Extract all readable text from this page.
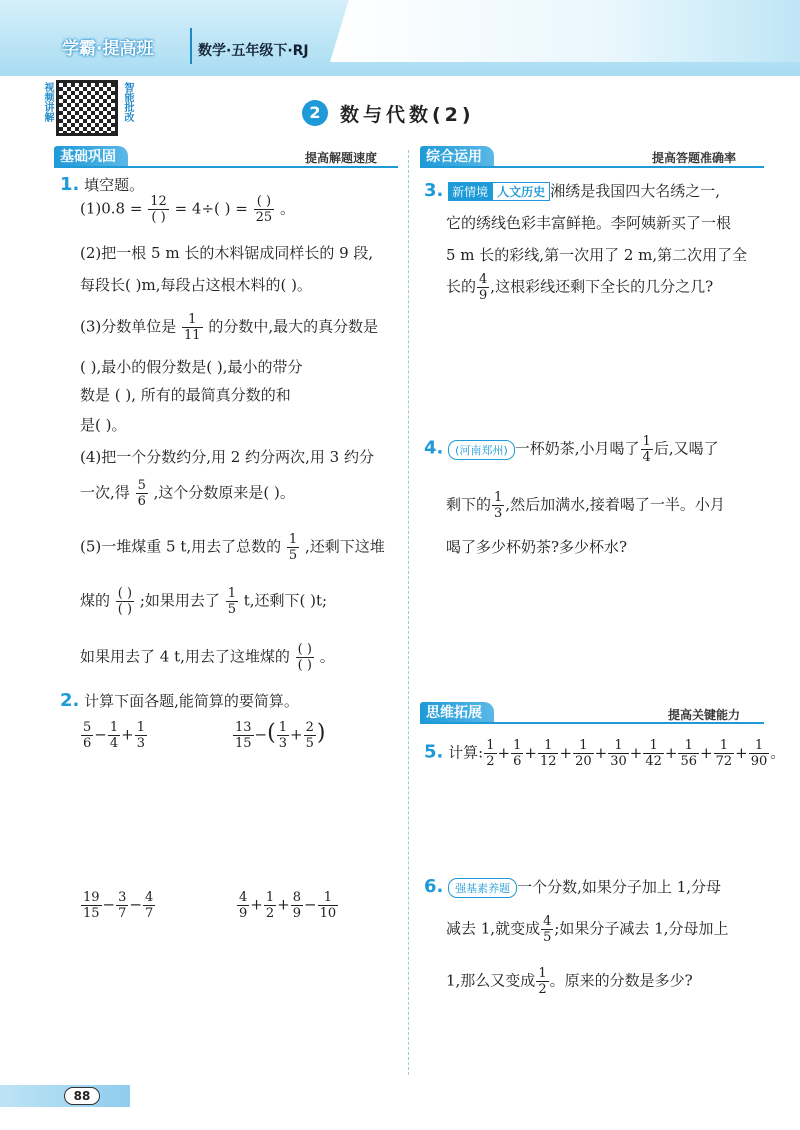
学霸·提高班	数学·五年级下·RJ
视频讲解	智能批改	2	数与代数(2)
基础巩固	提高解题速度	综合运用	提高答题准确率
思维拓展	提高关键能力
1. 填空题。
(1)0.8 = 12
( ) = 4÷( ) = ( )
25 。
(2)把一根 5 m 长的木料锯成同样长的 9 段,
每段长( )m,每段占这根木料的( )。
(3)分数单位是 $\frac{1}{11}$ 的分数中,最大的真分数是
( ),最小的假分数是( ),最小的带分
数是 ( ), 所有的最简真分数的和
是( )。
(4)把一个分数约分,用 2 约分两次,用 3 约分
一次,得 $\frac{5}{6}$ ,这个分数原来是( )。
(5)一堆煤重 5 t,用去了总数的 $\frac{1}{5}$ ,还剩下这堆
煤的 ( )
( ) ;如果用去了 $\frac{1}{5} t$,还剩下( )t;
如果用去了 4 t,用去了这堆煤的 ( )
( ) 。
2. 计算下面各题,能简算的要简算。
$\frac{5}{6} - \frac{1}{4} + \frac{1}{3}$	$\frac{13}{15}$ −( $\frac{1}{3} + \frac{2}{5}$ )
$\frac{19}{15} - \frac{3}{7} - \frac{4}{7}$	$\frac{4}{9} + \frac{1}{2} + \frac{8}{9} - \frac{1}{10}$
3. 新情境 人文历史 湘绣是我国四大名绣之一,
它的绣线色彩丰富鲜艳。李阿姨新买了一根
5 m 长的彩线,第一次用了 2 m,第二次用了全
长的 $\frac{4}{9}$ ,这根彩线还剩下全长的几分之几?
4. (河南郑州) 一杯奶茶,小月喝了 $\frac{1}{4}$ 后,又喝了
剩下的 $\frac{1}{3}$ ,然后加满水,接着喝了一半。小月
喝了多少杯奶茶?多少杯水?
5. 计算: $\frac{1}{2} + \frac{1}{6} + \frac{1}{12} + \frac{1}{20} + \frac{1}{30} + \frac{1}{42} + \frac{1}{56} + \frac{1}{72} + \frac{1}{90}$ 。
6. 强基素养题 一个分数,如果分子加上 1,分母
减去 1,就变成 $\frac{4}{5}$ ;如果分子减去 1,分母加上
1,那么又变成 $\frac{1}{2}$ 。原来的分数是多少?
88
